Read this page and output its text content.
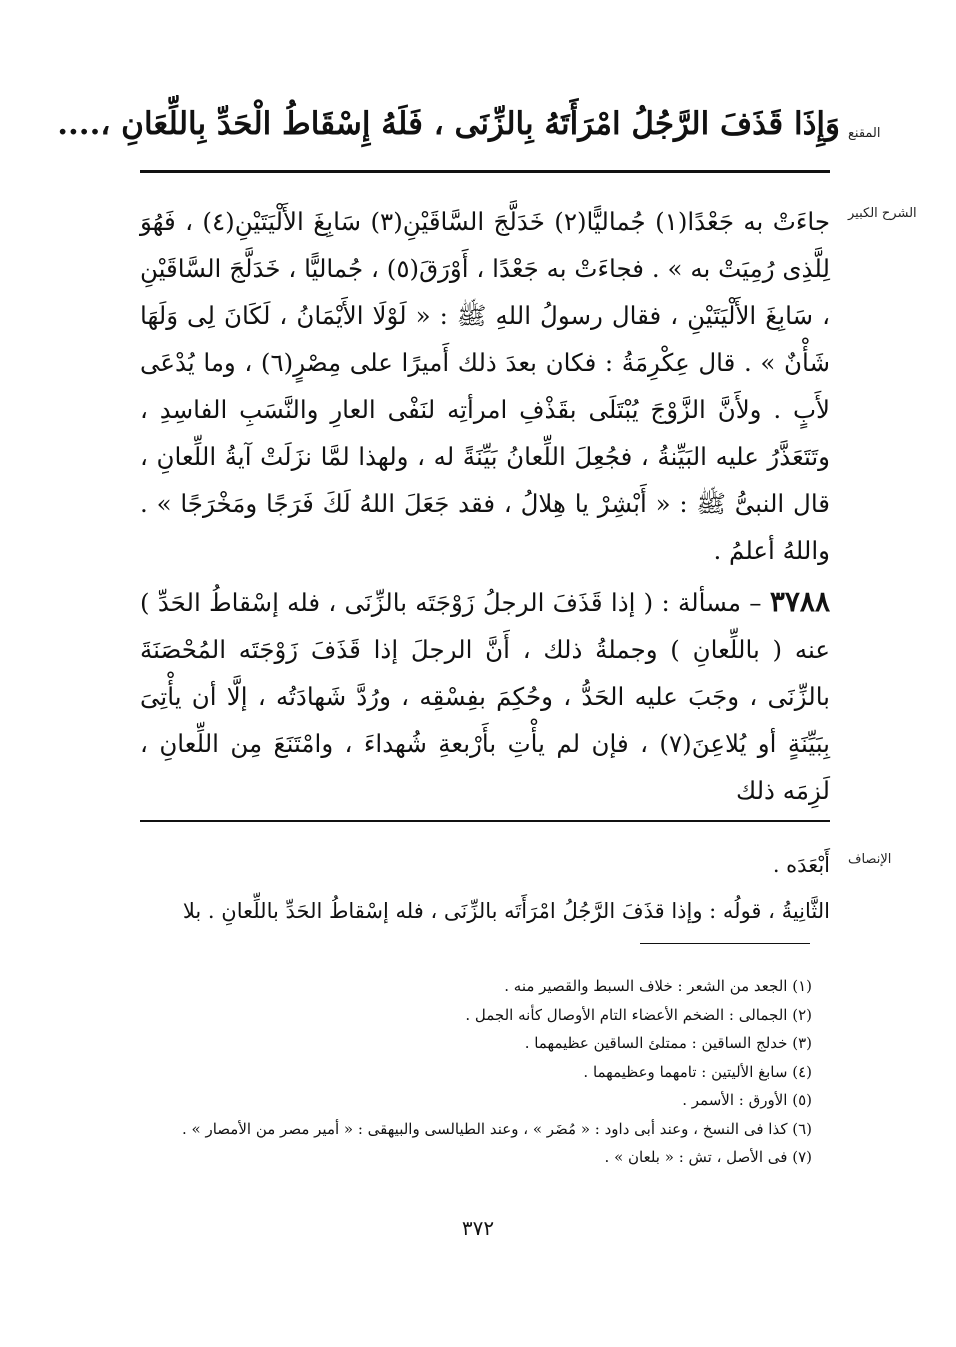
المقنع
وَإِذَا قَذَفَ الرَّجُلُ امْرَأَتَهُ بِالزِّنَى ، فَلَهُ إِسْقَاطُ الْحَدِّ بِاللِّعَانِ ،....
الشرح الكبير

جاءَتْ به جَعْدًا(١) جُماليًّا(٢) خَدَلَّجَ السَّاقَيْنِ(٣) سَابِغَ الأَلْيَتَيْنِ(٤) ، فَهُوَ لِلَّذِى رُمِيَتْ به » . فجاءَتْ به جَعْدًا ، أَوْرَقَ(٥) ، جُماليًّا ، خَدَلَّجَ السَّاقَيْنِ ، سَابِغَ الأَلْيَتَيْنِ ، فقال رسولُ اللهِ ﷺ : « لَوْلَا الأَيْمَانُ ، لَكَانَ لِى وَلَهَا شَأْنٌ » . قال عِكْرِمَةُ : فكان بعدَ ذلك أَميرًا على مِصْرٍ(٦) ، وما يُدْعَى لأَبٍ . ولأَنَّ الزَّوْجَ يُبْتَلَى بقَذْفِ امرأتِه لنَفْى العارِ والنَّسَبِ الفاسِدِ ، وتَتَعَذَّرُ عليه البَيِّنةُ ، فجُعِلَ اللِّعانُ بَيِّنَةً له ، ولهذا لمَّا نزَلَتْ آيةُ اللِّعانِ ، قال النبىُّ ﷺ : « أَبْشِرْ يا هِلالُ ، فقد جَعَلَ اللهُ لَكَ فَرَجًا ومَخْرَجًا » . واللهُ أعلمُ .

٣٧٨٨ – مسألة : ( إذا قَذَفَ الرجلُ زَوْجَتَه بالزِّنَى ، فله إسْقاطُ الحَدِّ ) عنه ( باللِّعانِ ) وجملةُ ذلك ، أَنَّ الرجلَ إذا قَذَفَ زَوْجَتَه المُحْصَنَةَ بالزِّنَى ، وجَبَ عليه الحَدُّ ، وحُكِمَ بفِسْقِه ، ورُدَّ شَهادَتُه ، إلَّا أن يأْتِىَ بِبَيِّنَةٍ أو يُلاعِنَ(٧) ، فإن لم يأْتِ بأَرْبعةِ شُهداءَ ، وامْتَنَعَ مِن اللِّعانِ ، لَزِمَه ذلك

الإنصاف

أَبْعَدَه .

الثَّانِيةُ ، قولُه : وإذا قذَفَ الرَّجُلُ امْرَأَتَه بالزِّنَى ، فله إسْقاطُ الحَدِّ باللِّعانِ . بلا

(١) الجعد من الشعر : خلاف السبط والقصير منه .
(٢) الجمالى : الضخم الأعضاء التام الأوصال كأنه الجمل .
(٣) خدلج الساقين : ممتلئ الساقين عظيمهما .
(٤) سابغ الأليتين : تامهما وعظيمهما .
(٥) الأورق : الأسمر .
(٦) كذا فى النسخ ، وعند أبى داود : « مُضَر » ، وعند الطيالسى والبيهقى : « أمير مصر من الأمصار » .
(٧) فى الأصل ، تش : « بلعان » .
٣٧٢
